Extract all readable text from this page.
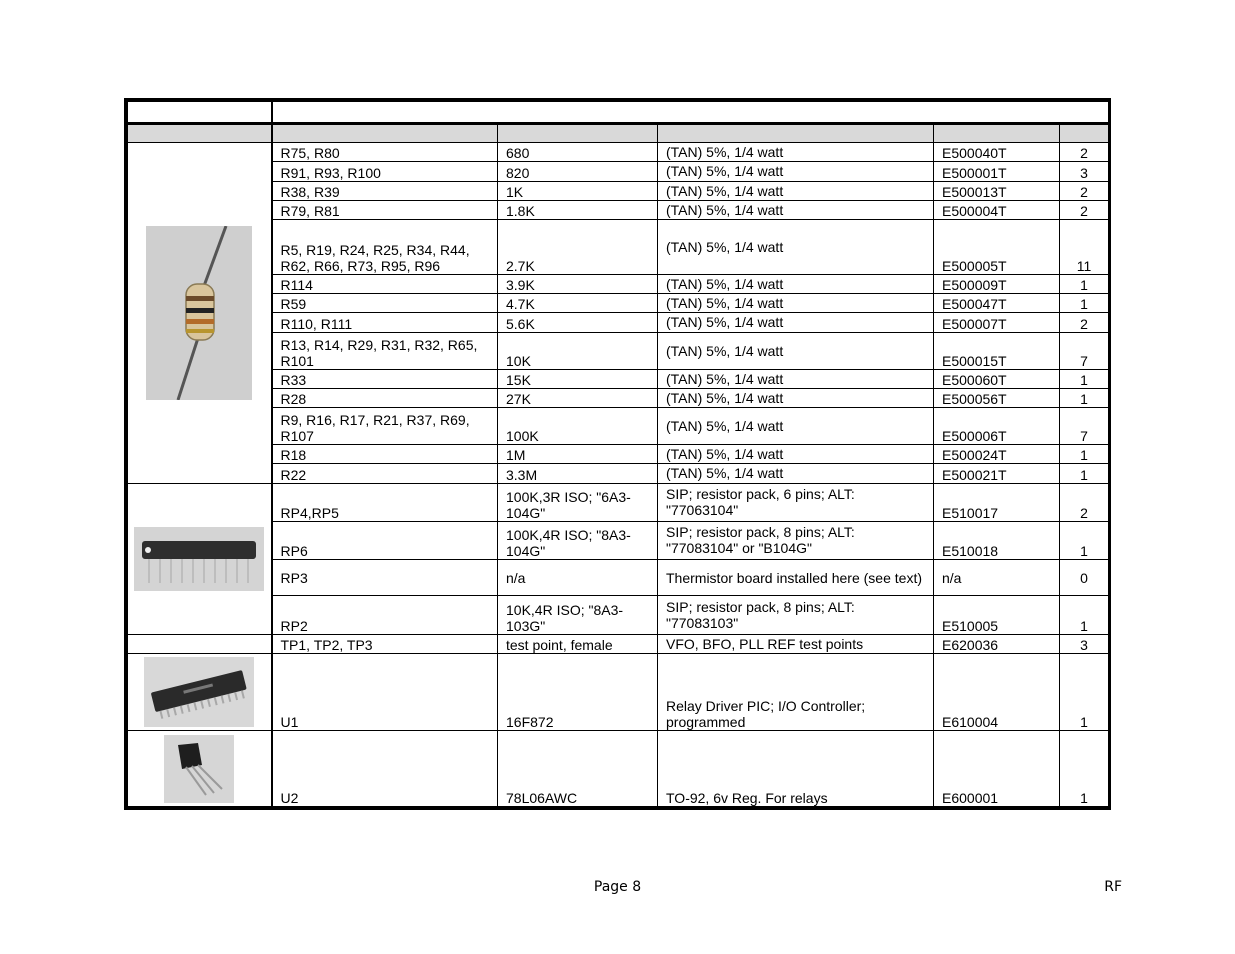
	R75, R80	680	(TAN) 5%, 1/4 watt	E500040T	2
	R91, R93, R100	820	(TAN) 5%, 1/4 watt	E500001T	3
	R38, R39	1K	(TAN) 5%, 1/4 watt	E500013T	2
	R79, R81	1.8K	(TAN) 5%, 1/4 watt	E500004T	2
	R5, R19, R24, R25, R34, R44, R62, R66, R73, R95, R96	2.7K	(TAN) 5%, 1/4 watt	E500005T	11
	R114	3.9K	(TAN) 5%, 1/4 watt	E500009T	1
	R59	4.7K	(TAN) 5%, 1/4 watt	E500047T	1
	R110, R111	5.6K	(TAN) 5%, 1/4 watt	E500007T	2
	R13, R14, R29, R31, R32, R65, R101	10K	(TAN) 5%, 1/4 watt	E500015T	7
	R33	15K	(TAN) 5%, 1/4 watt	E500060T	1
	R28	27K	(TAN) 5%, 1/4 watt	E500056T	1
	R9, R16, R17, R21, R37, R69, R107	100K	(TAN) 5%, 1/4 watt	E500006T	7
	R18	1M	(TAN) 5%, 1/4 watt	E500024T	1
	R22	3.3M	(TAN) 5%, 1/4 watt	E500021T	1

	RP4,RP5	100K,3R ISO; "6A3-104G"	SIP; resistor pack, 6 pins; ALT: "77063104"	E510017	2
	RP6	100K,4R ISO; "8A3-104G"	SIP; resistor pack, 8 pins; ALT: "77083104" or "B104G"	E510018	1
	RP3	n/a	Thermistor board installed here (see text)	n/a	0
	RP2	10K,4R ISO; "8A3-103G"	SIP; resistor pack, 8 pins; ALT: "77083103"	E510005	1
	TP1, TP2, TP3	test point, female	VFO, BFO, PLL REF test points	E620036	3

	U1	16F872	Relay Driver PIC; I/O Controller; programmed	E610004	1

	U2	78L06AWC	TO-92, 6v Reg. For relays	E600001	1
Page 8	RF
